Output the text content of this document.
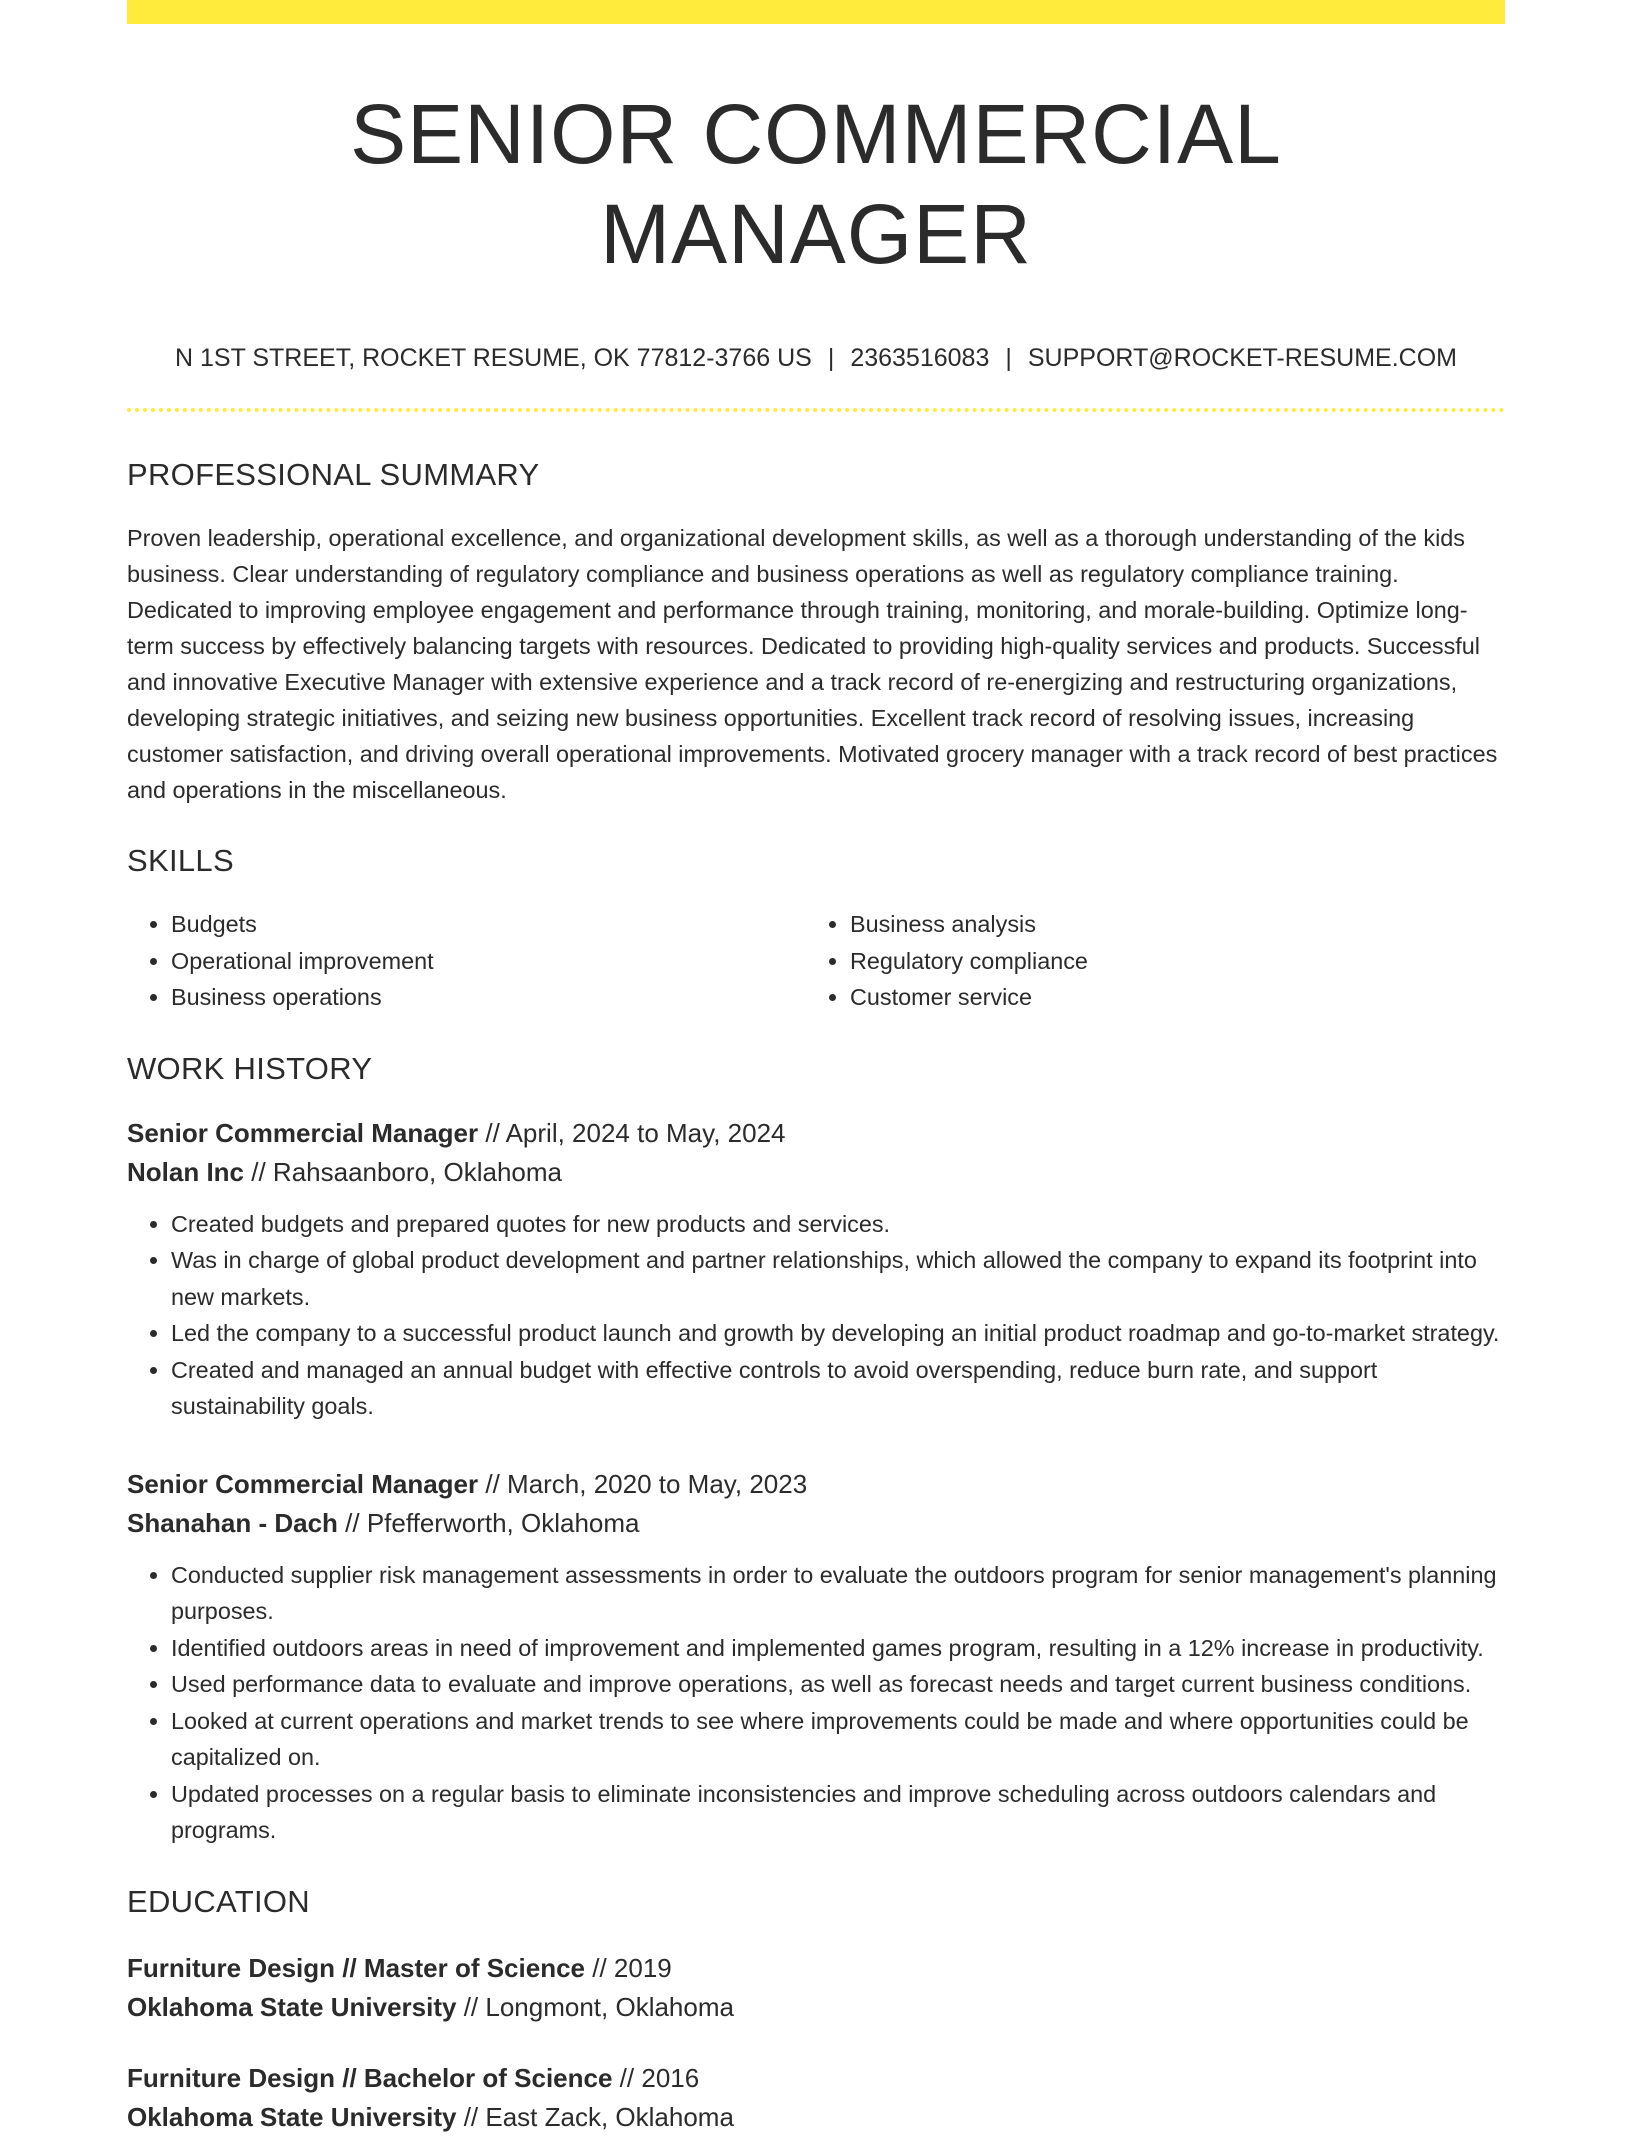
SENIOR COMMERCIAL MANAGER
N 1ST STREET, ROCKET RESUME, OK 77812-3766 US | 2363516083 | SUPPORT@ROCKET-RESUME.COM
PROFESSIONAL SUMMARY
Proven leadership, operational excellence, and organizational development skills, as well as a thorough understanding of the kids business. Clear understanding of regulatory compliance and business operations as well as regulatory compliance training. Dedicated to improving employee engagement and performance through training, monitoring, and morale-building. Optimize long-term success by effectively balancing targets with resources. Dedicated to providing high-quality services and products. Successful and innovative Executive Manager with extensive experience and a track record of re-energizing and restructuring organizations, developing strategic initiatives, and seizing new business opportunities. Excellent track record of resolving issues, increasing customer satisfaction, and driving overall operational improvements. Motivated grocery manager with a track record of best practices and operations in the miscellaneous.
SKILLS
• Budgets
• Operational improvement
• Business operations
• Business analysis
• Regulatory compliance
• Customer service
WORK HISTORY
Senior Commercial Manager // April, 2024 to May, 2024
Nolan Inc // Rahsaanboro, Oklahoma
• Created budgets and prepared quotes for new products and services.
• Was in charge of global product development and partner relationships, which allowed the company to expand its footprint into new markets.
• Led the company to a successful product launch and growth by developing an initial product roadmap and go-to-market strategy.
• Created and managed an annual budget with effective controls to avoid overspending, reduce burn rate, and support sustainability goals.
Senior Commercial Manager // March, 2020 to May, 2023
Shanahan - Dach // Pfefferworth, Oklahoma
• Conducted supplier risk management assessments in order to evaluate the outdoors program for senior management's planning purposes.
• Identified outdoors areas in need of improvement and implemented games program, resulting in a 12% increase in productivity.
• Used performance data to evaluate and improve operations, as well as forecast needs and target current business conditions.
• Looked at current operations and market trends to see where improvements could be made and where opportunities could be capitalized on.
• Updated processes on a regular basis to eliminate inconsistencies and improve scheduling across outdoors calendars and programs.
EDUCATION
Furniture Design // Master of Science // 2019
Oklahoma State University // Longmont, Oklahoma
Furniture Design // Bachelor of Science // 2016
Oklahoma State University // East Zack, Oklahoma
